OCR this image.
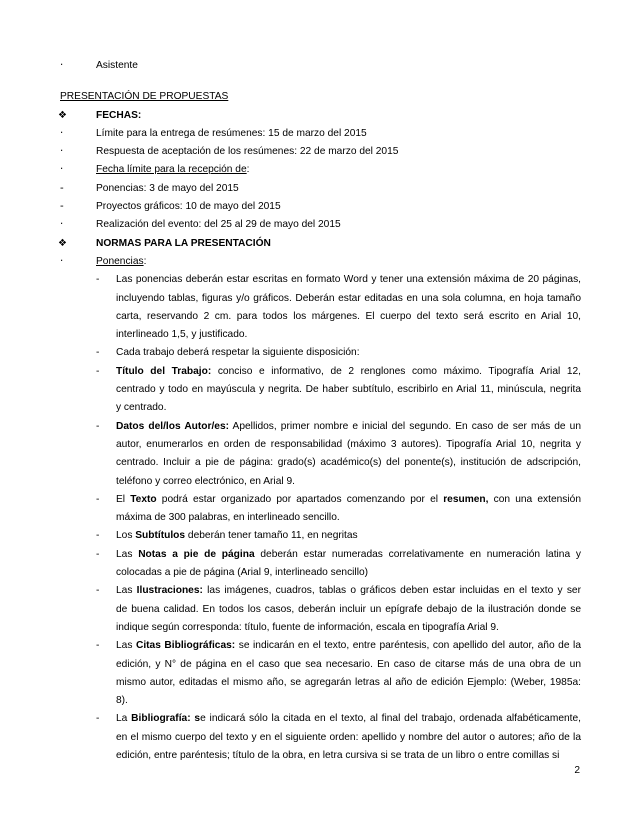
·	Asistente
PRESENTACIÓN DE PROPUESTAS
❖	FECHAS:
·	Límite para la entrega de resúmenes: 15 de marzo del 2015
·	Respuesta de aceptación de los resúmenes: 22 de marzo del 2015
·	Fecha límite para la recepción de:
-	Ponencias: 3 de mayo del 2015
-	Proyectos gráficos: 10 de mayo del 2015
·	Realización del evento: del 25 al 29 de mayo del 2015
❖	NORMAS PARA LA PRESENTACIÓN
·	Ponencias:
- Las ponencias deberán estar escritas en formato Word y tener una extensión máxima de 20 páginas,
incluyendo tablas, figuras y/o gráficos. Deberán estar editadas en una sola columna, en hoja tamaño
carta, reservando 2 cm. para todos los márgenes. El cuerpo del texto será escrito en Arial 10,
interlineado 1,5, y justificado.
- Cada trabajo deberá respetar la siguiente disposición:
- Título del Trabajo: conciso e informativo, de 2 renglones como máximo. Tipografía Arial 12,
centrado y todo en mayúscula y negrita. De haber subtítulo, escribirlo en Arial 11, minúscula, negrita
y centrado.
- Datos del/los Autor/es: Apellidos, primer nombre e inicial del segundo. En caso de ser más de un
autor, enumerarlos en orden de responsabilidad (máximo 3 autores). Tipografía Arial 10, negrita y
centrado. Incluir a pie de página: grado(s) académico(s) del ponente(s), institución de adscripción,
teléfono y correo electrónico, en Arial 9.
- El Texto podrá estar organizado por apartados comenzando por el resumen, con una extensión
máxima de 300 palabras, en interlineado sencillo.
- Los Subtítulos deberán tener tamaño 11, en negritas
- Las Notas a pie de página deberán estar numeradas correlativamente en numeración latina y
colocadas a pie de página (Arial 9, interlineado sencillo)
- Las Ilustraciones: las imágenes, cuadros, tablas o gráficos deben estar incluidas en el texto y ser
de buena calidad. En todos los casos, deberán incluir un epígrafe debajo de la ilustración donde se
indique según corresponda: título, fuente de información, escala en tipografía Arial 9.
- Las Citas Bibliográficas: se indicarán en el texto, entre paréntesis, con apellido del autor, año de la
edición, y N° de página en el caso que sea necesario. En caso de citarse más de una obra de un
mismo autor, editadas el mismo año, se agregarán letras al año de edición Ejemplo: (Weber, 1985a:
8).
- La Bibliografía: se indicará sólo la citada en el texto, al final del trabajo, ordenada alfabéticamente,
en el mismo cuerpo del texto y en el siguiente orden: apellido y nombre del autor o autores; año de la
edición, entre paréntesis; título de la obra, en letra cursiva si se trata de un libro o entre comillas si
2
